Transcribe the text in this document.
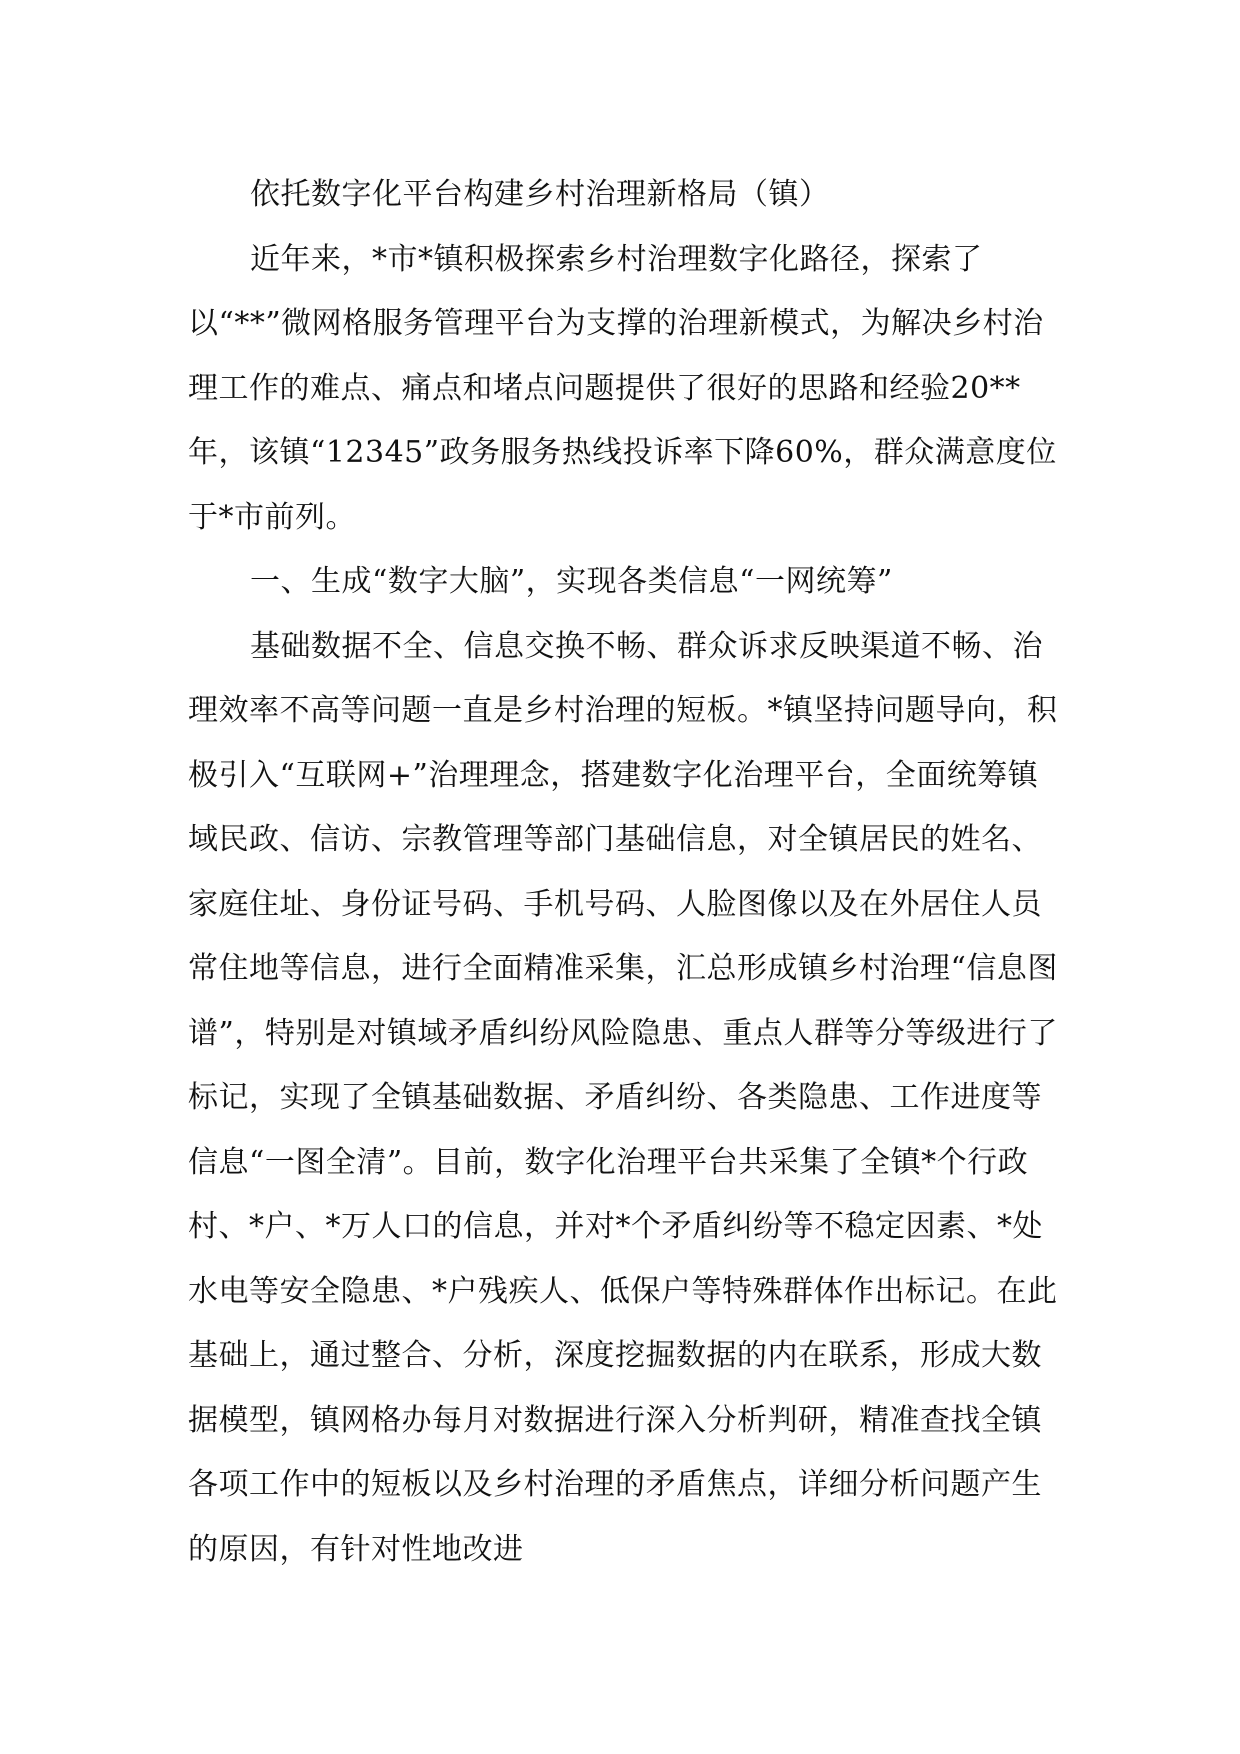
依托数字化平台构建乡村治理新格局（镇）

近年来，*市*镇积极探索乡村治理数字化路径，探索了以“**”微网格服务管理平台为支撑的治理新模式，为解决乡村治理工作的难点、痛点和堵点问题提供了很好的思路和经验20**年，该镇“12345”政务服务热线投诉率下降60%，群众满意度位于*市前列。

一、生成“数字大脑”，实现各类信息“一网统筹”

基础数据不全、信息交换不畅、群众诉求反映渠道不畅、治理效率不高等问题一直是乡村治理的短板。*镇坚持问题导向，积极引入“互联网+”治理理念，搭建数字化治理平台，全面统筹镇域民政、信访、宗教管理等部门基础信息，对全镇居民的姓名、家庭住址、身份证号码、手机号码、人脸图像以及在外居住人员常住地等信息，进行全面精准采集，汇总形成镇乡村治理“信息图谱”，特别是对镇域矛盾纠纷风险隐患、重点人群等分等级进行了标记，实现了全镇基础数据、矛盾纠纷、各类隐患、工作进度等信息“一图全清”。目前，数字化治理平台共采集了全镇*个行政村、*户、*万人口的信息，并对*个矛盾纠纷等不稳定因素、*处水电等安全隐患、*户残疾人、低保户等特殊群体作出标记。在此基础上，通过整合、分析，深度挖掘数据的内在联系，形成大数据模型，镇网格办每月对数据进行深入分析判研，精准查找全镇各项工作中的短板以及乡村治理的矛盾焦点，详细分析问题产生的原因，有针对性地改进
